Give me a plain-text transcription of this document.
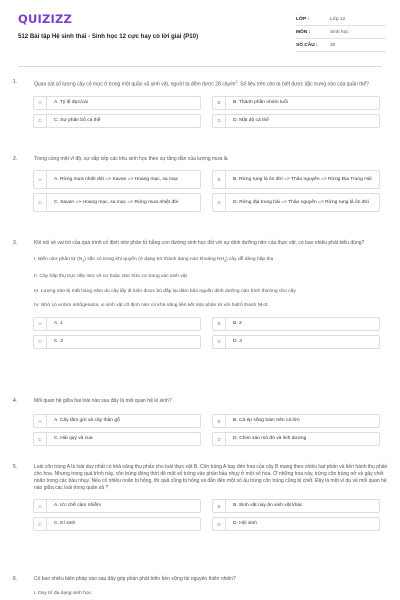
QUIZIZZ
512 Bài tập Hệ sinh thái - Sinh học 12 cực hay có lời giải (P10)
LỚP :	Lớp 12
MÔN :	Sinh học
SỐ CÂU :	30
1.	Quan sát số lượng cây cỏ mực ở trong một quần xã sinh vật, người ta đếm được 28 cây/$m^2$. Số liệu trên cho ta biết được đặc trưng nào của quần thể?
A	A. Tỷ lệ đực/cái	B	B. Thành phần nhóm tuổi
C	C. Sự phân bố cá thể	D	D. Mật độ cá thể
2.	Trong cùng một vĩ độ, sự sắp xếp các khu sinh học theo sự tăng dần của lượng mưa là
A	A. Rừng mưa nhiệt đới => Savan => Hoang mạc, sa mạc	B	B. Rừng rụng lá ôn đới => Thảo nguyên => Rừng Địa Trung Hải
C	C. Savan => Hoang mạc, sa mạc => Rừng mưa nhiệt đới	D	D. Rừng địa trung hải => Thảo nguyên => Rừng rụng lá ôn đới
3.	Khi nói về vai trò của quá trình cố định nitơ phân tử bằng con đường sinh học đối với sự dinh dưỡng nitơ của thực vật, có bao nhiêu phát biểu đúng?
I. Biến nitơ phân tử $(N_2)$ sẵn có trong khí quyển (ở dạng trơ thành dạng nitơ khoáng $NH_3$) cây dễ dàng hấp thụ
II. Cây hấp thụ trực tiếp nitơ vô cơ hoặc nitơ hữu cơ trong xác sinh vật
III. Lượng nitơ bị mất hàng năm do cây lấy đi luôn được bù đắp lại đảm bảo nguồn dinh dưỡng nitơ bình thường cho cây
IV. Nhờ có enzim nitrôgenaza, vi sinh vật cố định nitơ có khả năng liên kết nitơ phân tử với hidrô thành NH3
A	A. 1	B	B. 2
C	C. 3	D	D. 4
4.	Mối quan hệ giữa hai loài nào sau đây là mối quan hệ kí sinh?
A	A. Cây tầm gửi và cây thân gỗ	B	B. Cá ép sống bám trên cá lớn
C	C. Hải quỳ và cua	D	D. Chim sáo mỏ đỏ và linh dương
5.	Loài côn trùng A là loài duy nhất có khả năng thụ phấn cho loài thực vật B. Côn trùng A bay đến hoa của cây B mang theo nhiều hạt phấn và tiến hành thụ phấn cho hoa. Nhưng trong quá trình này, côn trùng đồng thời đẻ một số trứng vào phần bầu nhụy ở một số hoa. Ở những hoa này, trứng côn trùng nở và gây chết noãn trong các bầu nhụy. Nếu có nhiều noãn bị hỏng, thì quả cũng bị hỏng và dẫn đến một số ấu trùng côn trùng cũng bị chết. Đây là một ví dụ về mối quan hệ nào giữa các loài trong quần xã ?
A	A. Ức chế cảm nhiễm	B	B. Sinh vật này ăn sinh vật khác
C	C. Kí sinh	D	D. Hội sinh
6.	Có bao nhiêu biện pháp nào sau đây góp phần phát triển bền vững tài nguyên thiên nhiên?
I. Duy trì đa dạng sinh học.
